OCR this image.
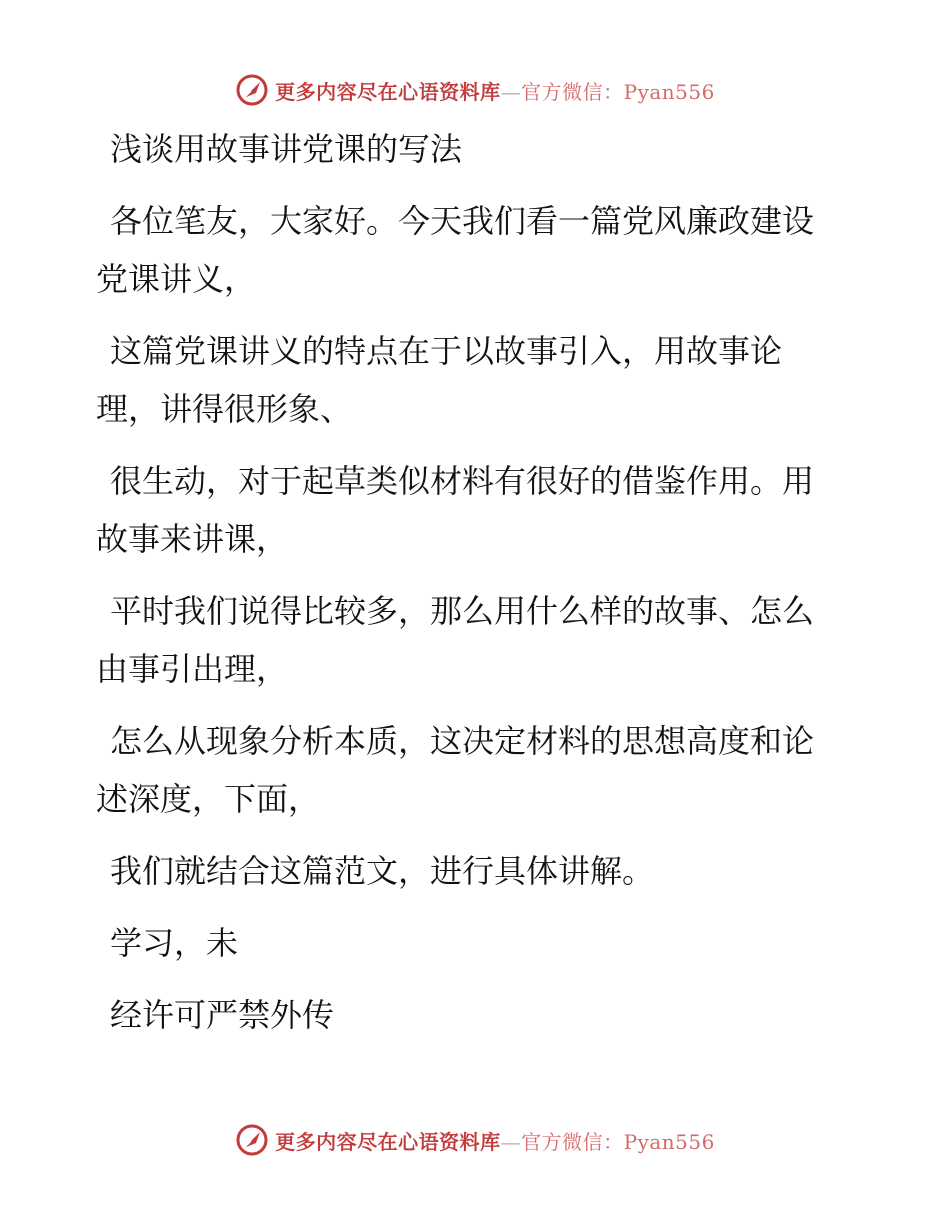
更多内容尽在心语资料库—官方微信：Pyan556

浅谈用故事讲党课的写法

各位笔友，大家好。今天我们看一篇党风廉政建设党课讲义，

这篇党课讲义的特点在于以故事引入，用故事论理，讲得很形象、

很生动，对于起草类似材料有很好的借鉴作用。用故事来讲课，

平时我们说得比较多，那么用什么样的故事、怎么由事引出理，

怎么从现象分析本质，这决定材料的思想高度和论述深度，下面，

我们就结合这篇范文，进行具体讲解。

学习，未

经许可严禁外传

更多内容尽在心语资料库—官方微信：Pyan556
